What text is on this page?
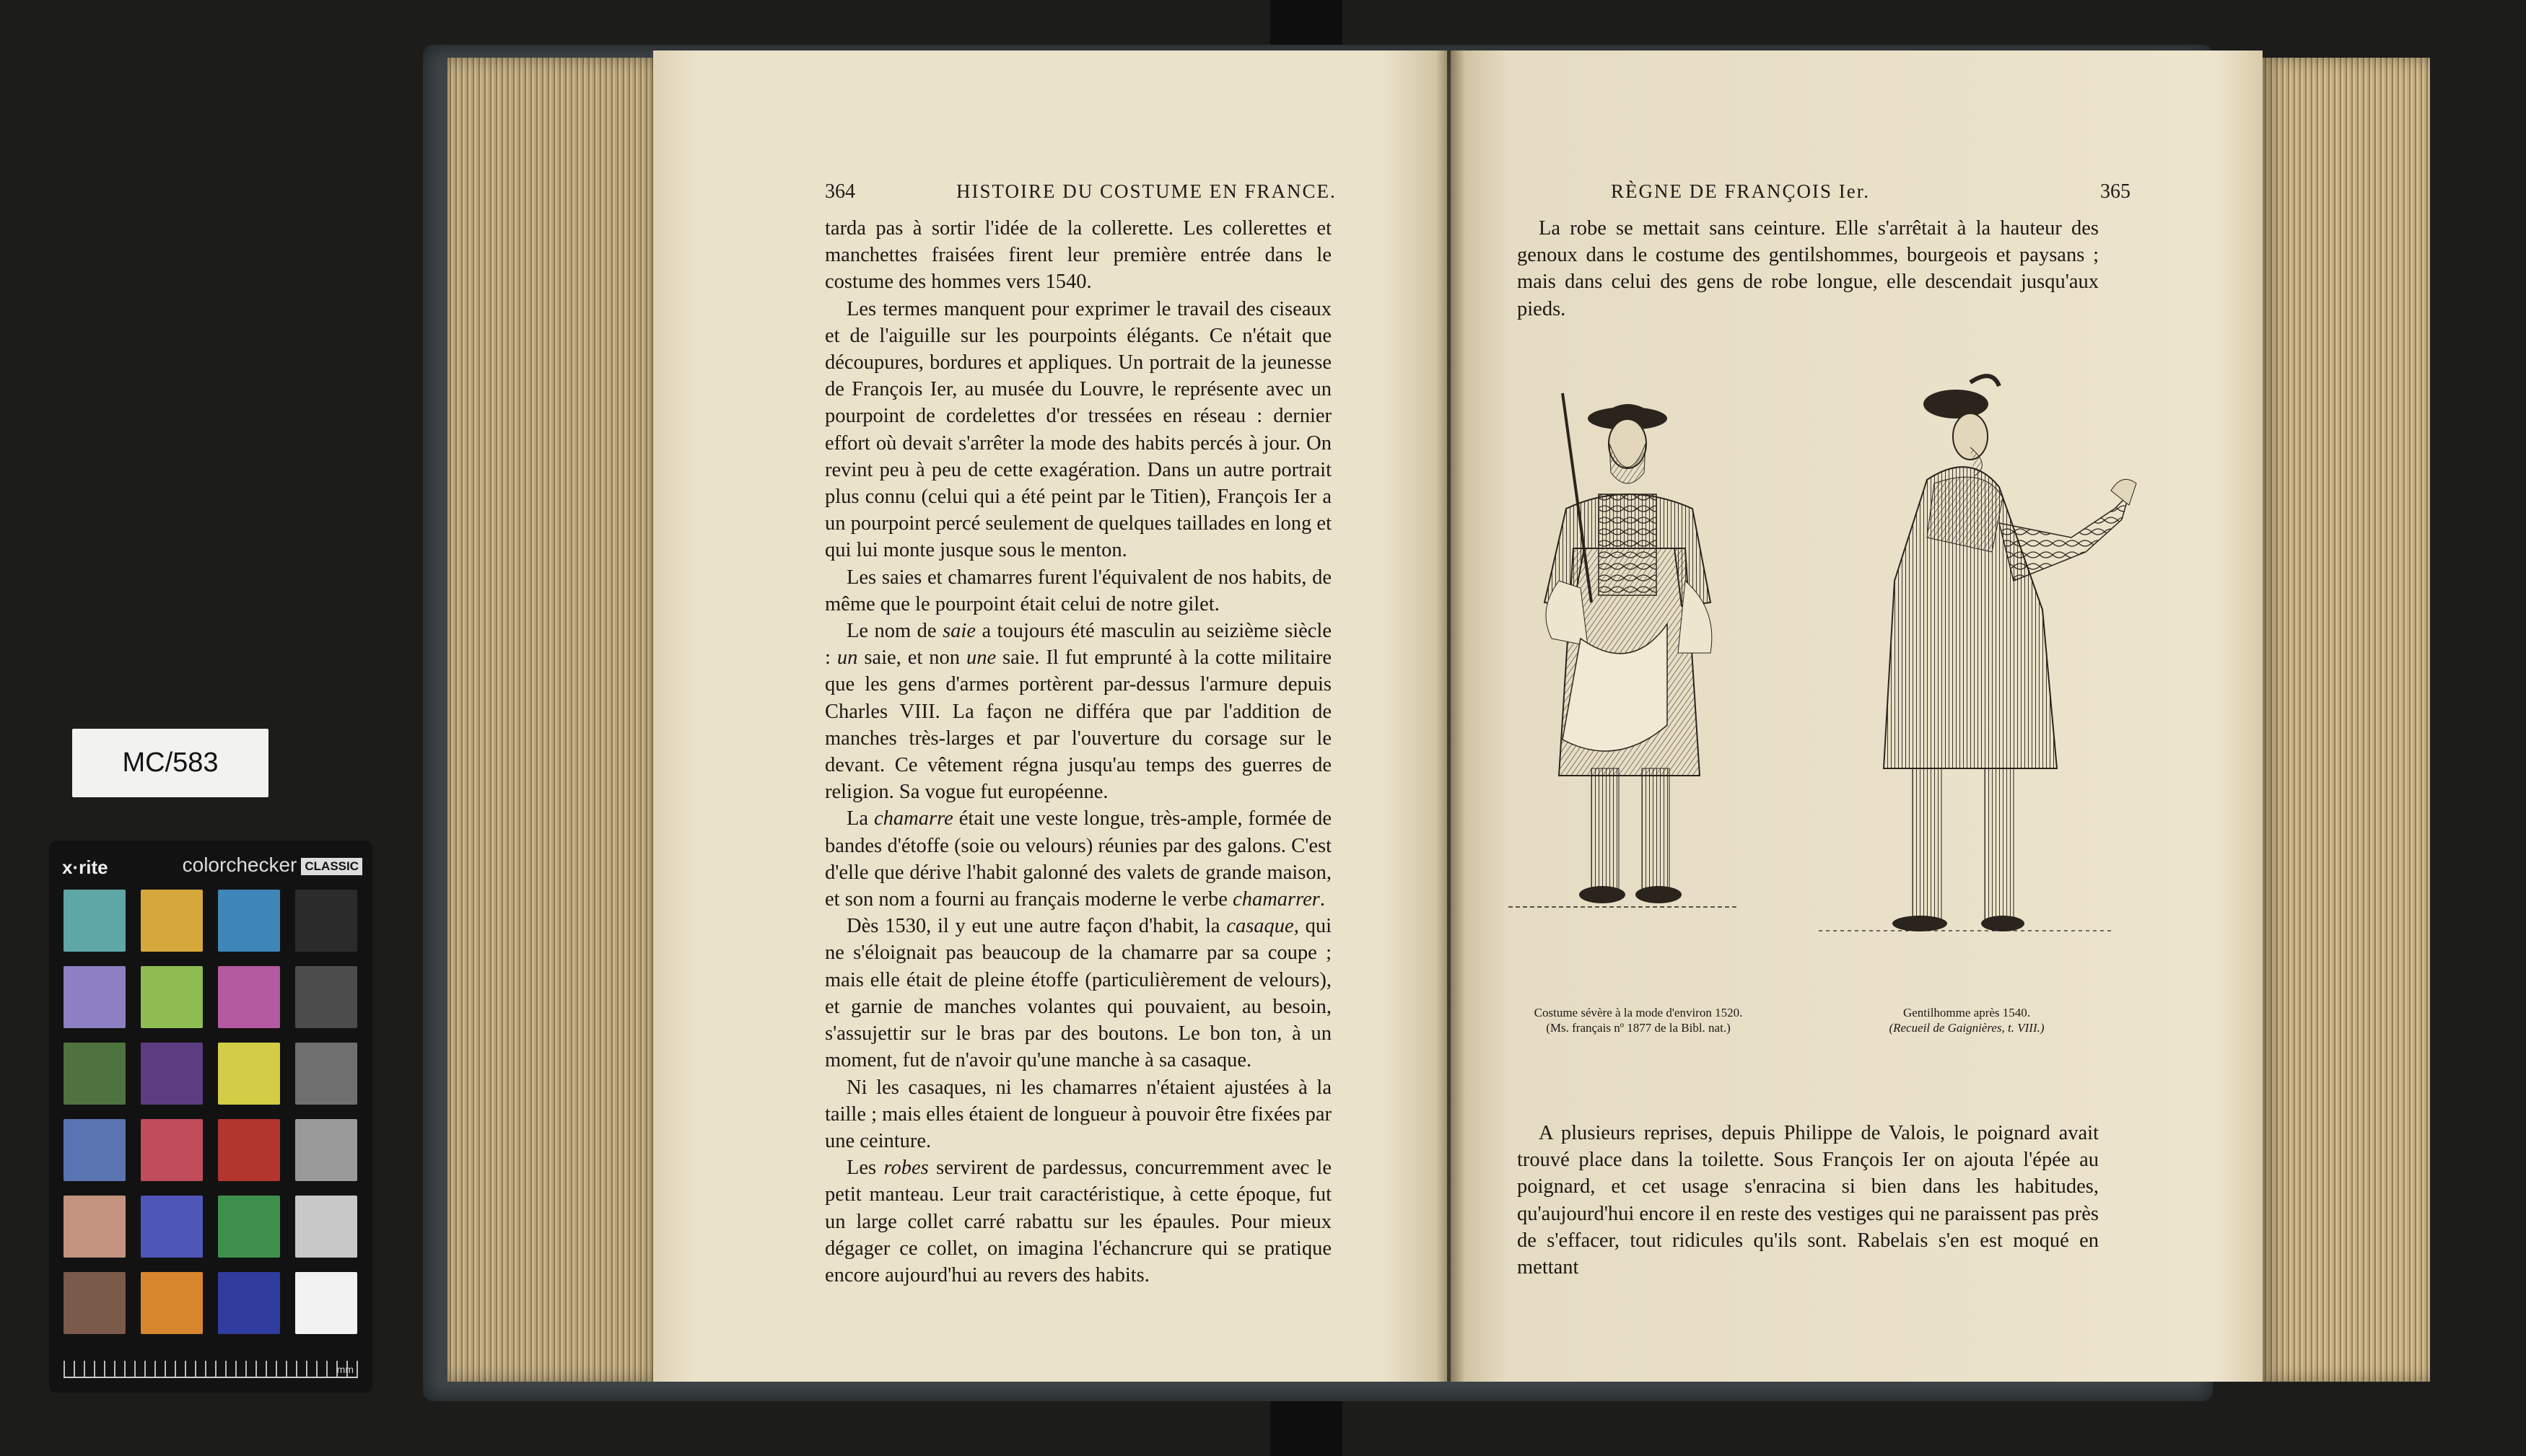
MC/583
x·rite	colorchecker CLASSIC
mm
364	HISTOIRE DU COSTUME EN FRANCE.

tarda pas à sortir l'idée de la collerette. Les collerettes et manchettes fraisées firent leur première entrée dans le costume des hommes vers 1540.

Les termes manquent pour exprimer le travail des ciseaux et de l'aiguille sur les pourpoints élégants. Ce n'était que découpures, bordures et appliques. Un portrait de la jeunesse de François Ier, au musée du Louvre, le représente avec un pourpoint de cordelettes d'or tressées en réseau : dernier effort où devait s'arrêter la mode des habits percés à jour. On revint peu à peu de cette exagération. Dans un autre portrait plus connu (celui qui a été peint par le Titien), François Ier a un pourpoint percé seulement de quelques taillades en long et qui lui monte jusque sous le menton.

Les saies et chamarres furent l'équivalent de nos habits, de même que le pourpoint était celui de notre gilet.

Le nom de saie a toujours été masculin au seizième siècle : un saie, et non une saie. Il fut emprunté à la cotte militaire que les gens d'armes portèrent par-dessus l'armure depuis Charles VIII. La façon ne différa que par l'addition de manches très-larges et par l'ouverture du corsage sur le devant. Ce vêtement régna jusqu'au temps des guerres de religion. Sa vogue fut européenne.

La chamarre était une veste longue, très-ample, formée de bandes d'étoffe (soie ou velours) réunies par des galons. C'est d'elle que dérive l'habit galonné des valets de grande maison, et son nom a fourni au français moderne le verbe chamarrer.

Dès 1530, il y eut une autre façon d'habit, la casaque, qui ne s'éloignait pas beaucoup de la chamarre par sa coupe ; mais elle était de pleine étoffe (particulièrement de velours), et garnie de manches volantes qui pouvaient, au besoin, s'assujettir sur le bras par des boutons. Le bon ton, à un moment, fut de n'avoir qu'une manche à sa casaque.

Ni les casaques, ni les chamarres n'étaient ajustées à la taille ; mais elles étaient de longueur à pouvoir être fixées par une ceinture.

Les robes servirent de pardessus, concurremment avec le petit manteau. Leur trait caractéristique, à cette époque, fut un large collet carré rabattu sur les épaules. Pour mieux dégager ce collet, on imagina l'échancrure qui se pratique encore aujourd'hui au revers des habits.

RÈGNE DE FRANÇOIS Ier.	365
La robe se mettait sans ceinture. Elle s'arrêtait à la hauteur des genoux dans le costume des gentilshommes, bourgeois et paysans ; mais dans celui des gens de robe longue, elle descendait jusqu'aux pieds.
Costume sévère à la mode d'environ 1520.
(Ms. français nº 1877 de la Bibl. nat.)
Gentilhomme après 1540.
(Recueil de Gaignières, t. VIII.)
A plusieurs reprises, depuis Philippe de Valois, le poignard avait trouvé place dans la toilette. Sous François Ier on ajouta l'épée au poignard, et cet usage s'enracina si bien dans les habitudes, qu'aujourd'hui encore il en reste des vestiges qui ne paraissent pas près de s'effacer, tout ridicules qu'ils sont. Rabelais s'en est moqué en mettant
